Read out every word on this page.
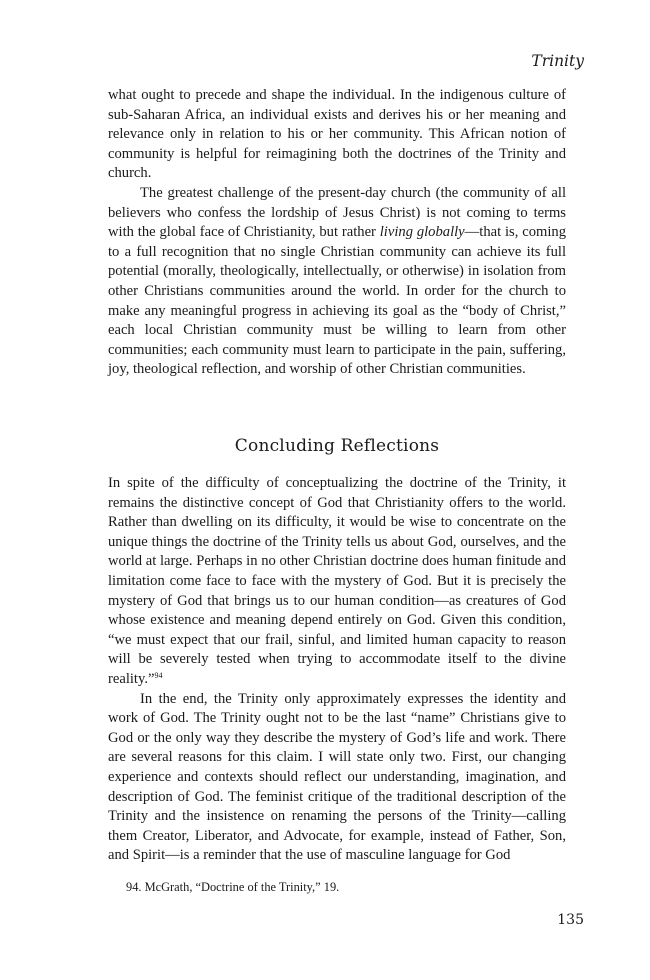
Trinity

what ought to precede and shape the individual. In the indigenous culture of sub-Saharan Africa, an individual exists and derives his or her meaning and relevance only in relation to his or her community. This African notion of community is helpful for reimagining both the doctrines of the Trinity and church.

The greatest challenge of the present-day church (the community of all believers who confess the lordship of Jesus Christ) is not coming to terms with the global face of Christianity, but rather living globally—that is, coming to a full recognition that no single Christian community can achieve its full potential (morally, theologically, intellectually, or otherwise) in isolation from other Christians communities around the world. In order for the church to make any meaningful progress in achieving its goal as the “body of Christ,” each local Christian community must be willing to learn from other communities; each community must learn to participate in the pain, suffering, joy, theological reflection, and worship of other Christian communities.

Concluding Reflections

In spite of the difficulty of conceptualizing the doctrine of the Trinity, it remains the distinctive concept of God that Christianity offers to the world. Rather than dwelling on its difficulty, it would be wise to concentrate on the unique things the doctrine of the Trinity tells us about God, ourselves, and the world at large. Perhaps in no other Christian doctrine does human finitude and limitation come face to face with the mystery of God. But it is precisely the mystery of God that brings us to our human condition—as creatures of God whose existence and meaning depend entirely on God. Given this condition, “we must expect that our frail, sinful, and limited human capacity to reason will be severely tested when trying to accommodate itself to the divine reality.”$^{94}$

In the end, the Trinity only approximately expresses the identity and work of God. The Trinity ought not to be the last “name” Christians give to God or the only way they describe the mystery of God’s life and work. There are several reasons for this claim. I will state only two. First, our changing experience and contexts should reflect our understanding, imagination, and description of God. The feminist critique of the traditional description of the Trinity and the insistence on renaming the persons of the Trinity—calling them Creator, Liberator, and Advocate, for example, instead of Father, Son, and Spirit—is a reminder that the use of masculine language for God

94. McGrath, “Doctrine of the Trinity,” 19.
135
